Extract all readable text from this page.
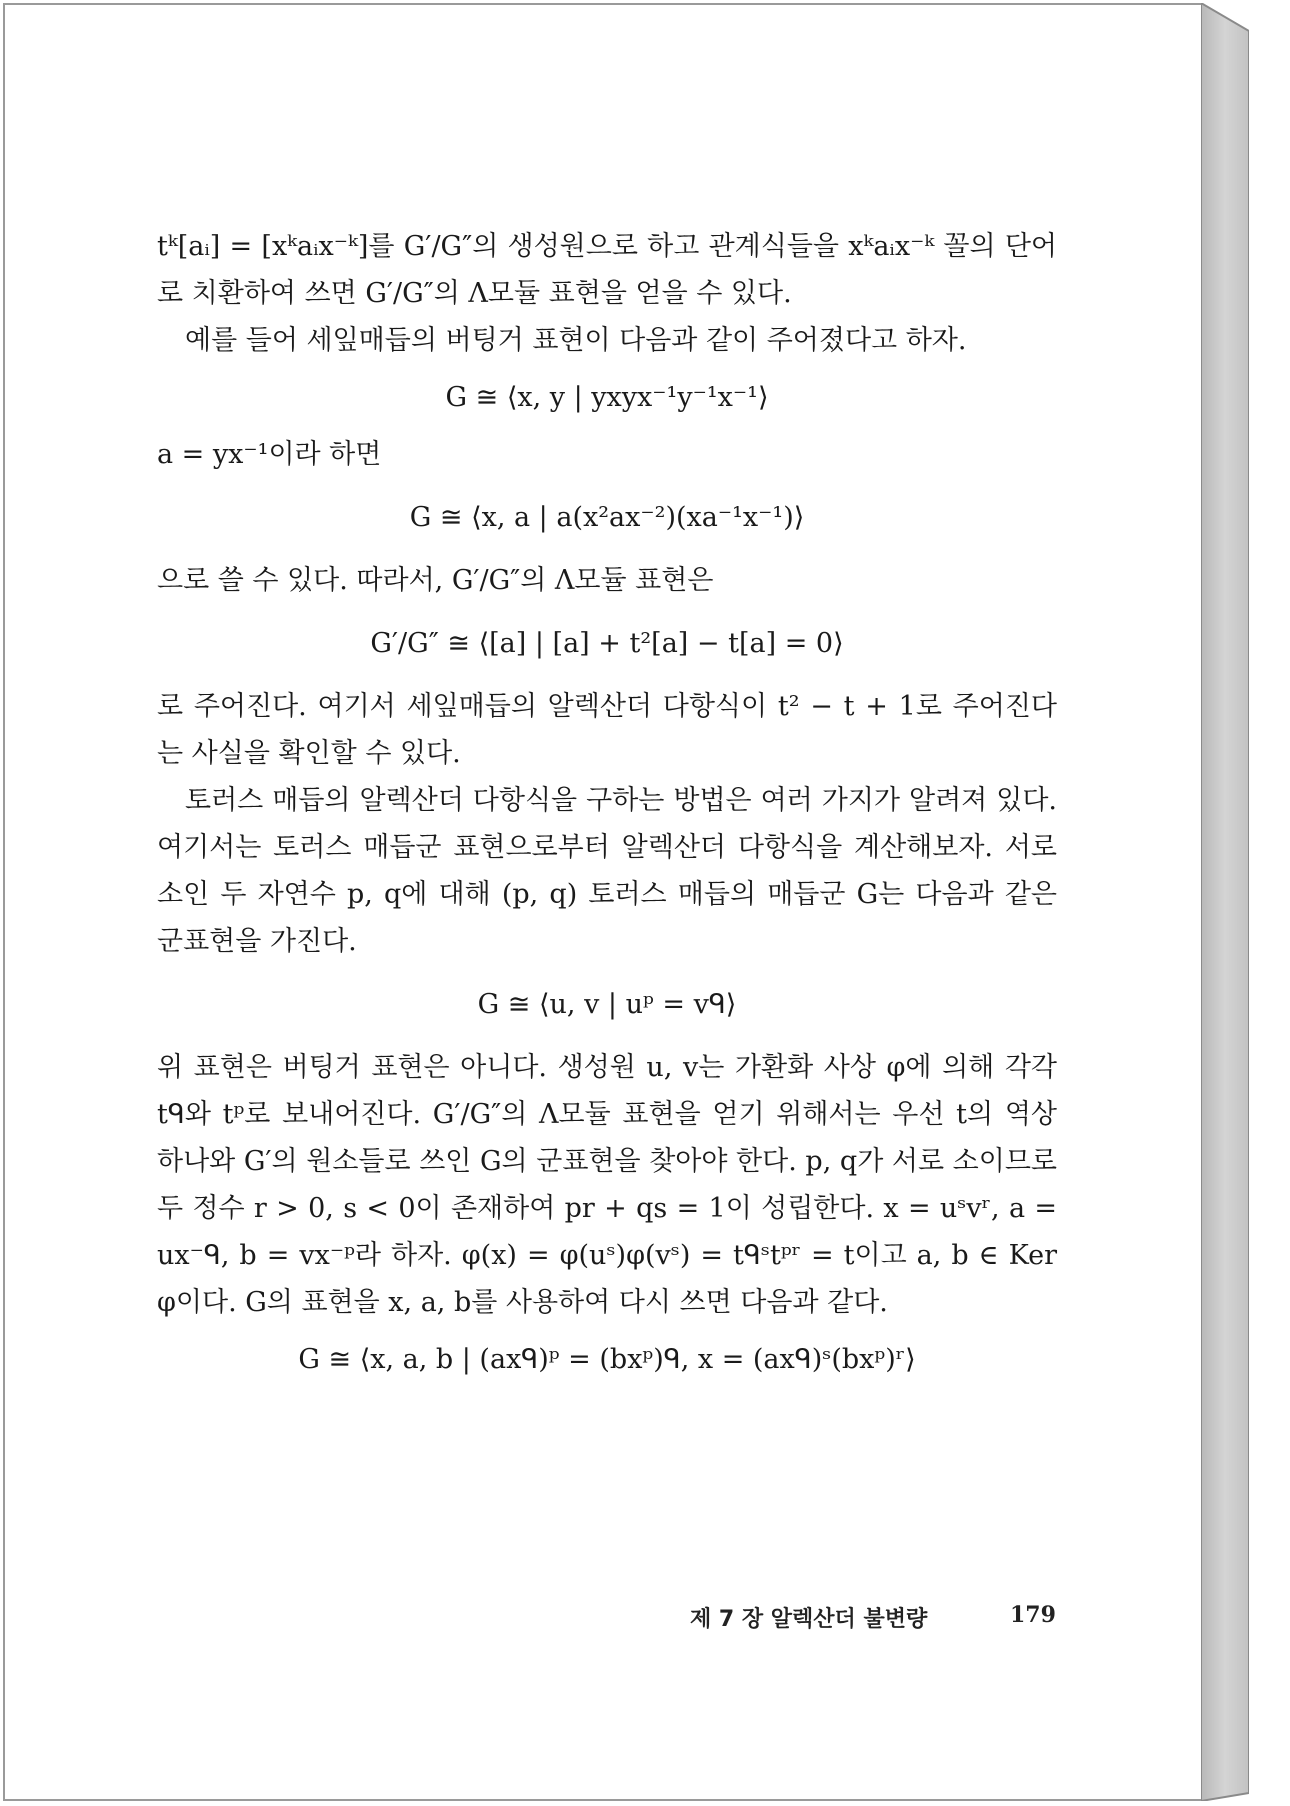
tᵏ[aᵢ] = [xᵏaᵢx⁻ᵏ]를 G′/G″의 생성원으로 하고 관계식들을 xᵏaᵢx⁻ᵏ 꼴의 단어로 치환하여 쓰면 G′/G″의 Λ모듈 표현을 얻을 수 있다.

예를 들어 세잎매듭의 버팅거 표현이 다음과 같이 주어졌다고 하자.

G ≅ ⟨x, y | yxyx⁻¹y⁻¹x⁻¹⟩

a = yx⁻¹이라 하면

G ≅ ⟨x, a | a(x²ax⁻²)(xa⁻¹x⁻¹)⟩

으로 쓸 수 있다. 따라서, G′/G″의 Λ모듈 표현은

G′/G″ ≅ ⟨[a] | [a] + t²[a] − t[a] = 0⟩

로 주어진다. 여기서 세잎매듭의 알렉산더 다항식이 t² − t + 1로 주어진다는 사실을 확인할 수 있다.

토러스 매듭의 알렉산더 다항식을 구하는 방법은 여러 가지가 알려져 있다. 여기서는 토러스 매듭군 표현으로부터 알렉산더 다항식을 계산해보자. 서로 소인 두 자연수 p, q에 대해 (p, q) 토러스 매듭의 매듭군 G는 다음과 같은 군표현을 가진다.

G ≅ ⟨u, v | uᵖ = vᑫ⟩

위 표현은 버팅거 표현은 아니다. 생성원 u, v는 가환화 사상 φ에 의해 각각 tᑫ와 tᵖ로 보내어진다. G′/G″의 Λ모듈 표현을 얻기 위해서는 우선 t의 역상 하나와 G′의 원소들로 쓰인 G의 군표현을 찾아야 한다. p, q가 서로 소이므로 두 정수 r > 0, s < 0이 존재하여 pr + qs = 1이 성립한다. x = uˢvʳ, a = ux⁻ᑫ, b = vx⁻ᵖ라 하자. φ(x) = φ(uˢ)φ(vˢ) = tᑫˢtᵖʳ = t이고 a, b ∈ Ker φ이다. G의 표현을 x, a, b를 사용하여 다시 쓰면 다음과 같다.

G ≅ ⟨x, a, b | (axᑫ)ᵖ = (bxᵖ)ᑫ, x = (axᑫ)ˢ(bxᵖ)ʳ⟩

제 7 장 알렉산더 불변량	179
